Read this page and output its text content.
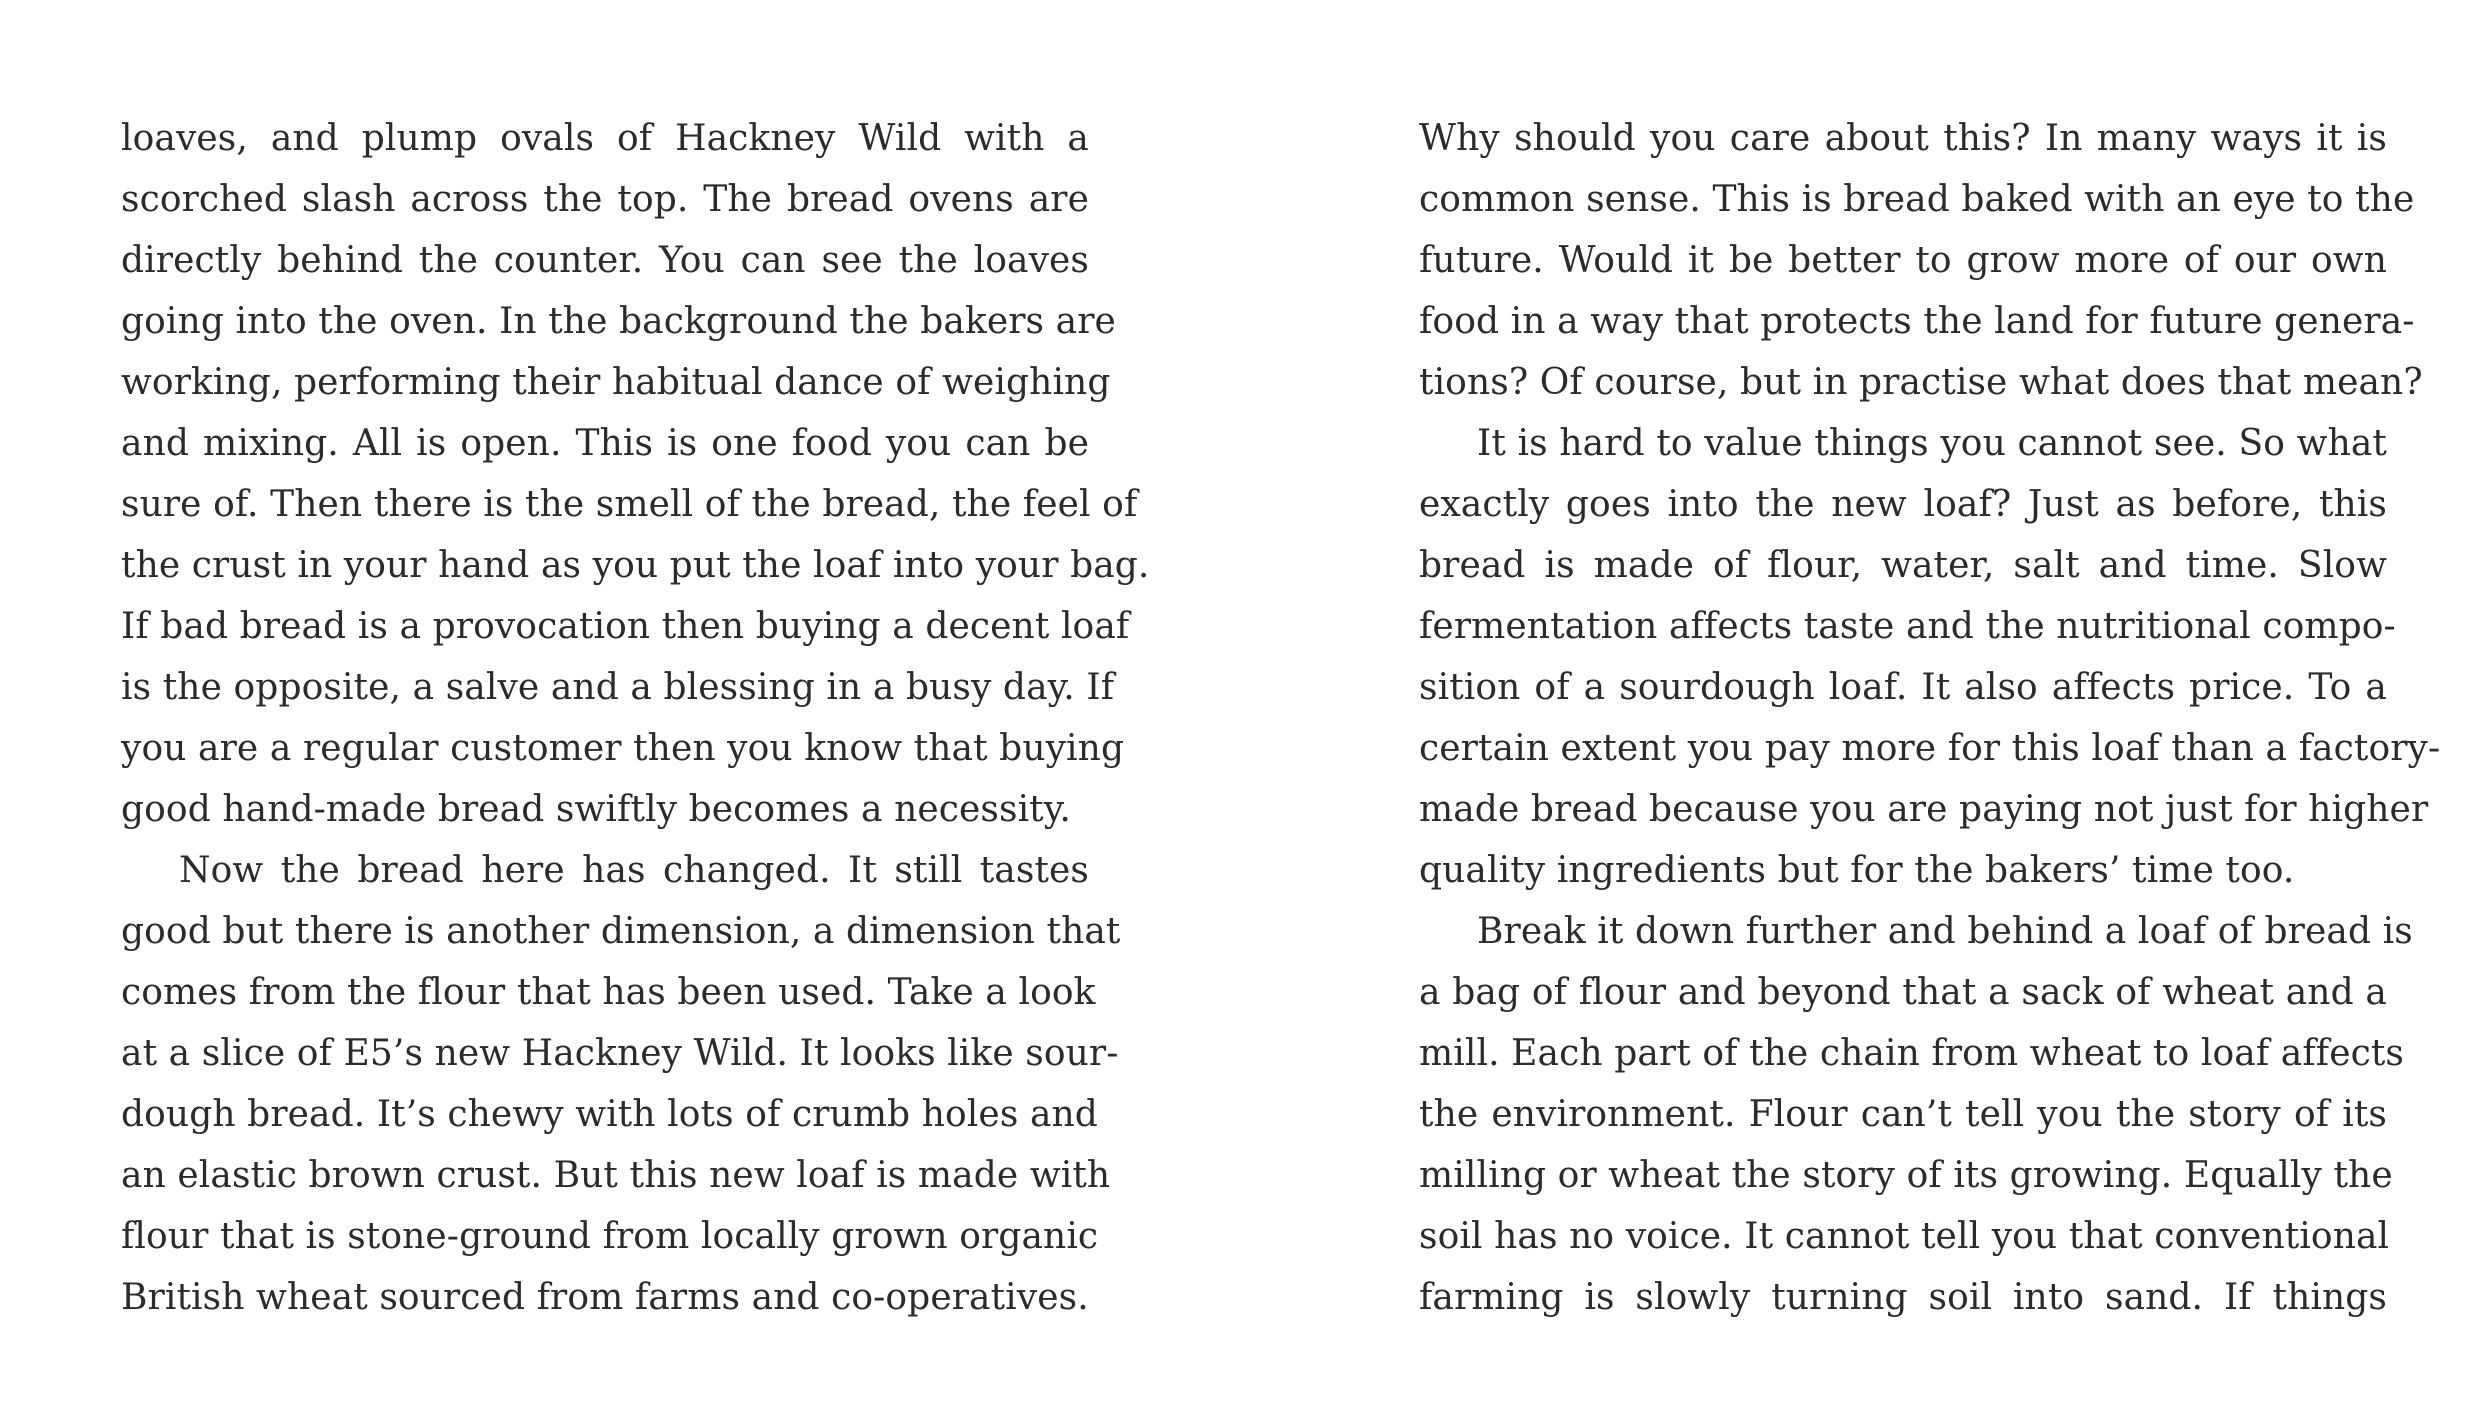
loaves, and plump ovals of Hackney Wild with a
scorched slash across the top. The bread ovens are
directly behind the counter. You can see the loaves
going into the oven. In the background the bakers are
working, performing their habitual dance of weighing
and mixing. All is open. This is one food you can be
sure of. Then there is the smell of the bread, the feel of
the crust in your hand as you put the loaf into your bag.
If bad bread is a provocation then buying a decent loaf
is the opposite, a salve and a blessing in a busy day. If
you are a regular customer then you know that buying
good hand-made bread swiftly becomes a necessity.
Now the bread here has changed. It still tastes
good but there is another dimension, a dimension that
comes from the flour that has been used. Take a look
at a slice of E5’s new Hackney Wild. It looks like sour-
dough bread. It’s chewy with lots of crumb holes and
an elastic brown crust. But this new loaf is made with
flour that is stone-ground from locally grown organic
British wheat sourced from farms and co-operatives.
Why should you care about this? In many ways it is
common sense. This is bread baked with an eye to the
future. Would it be better to grow more of our own
food in a way that protects the land for future genera-
tions? Of course, but in practise what does that mean?
It is hard to value things you cannot see. So what
exactly goes into the new loaf? Just as before, this
bread is made of flour, water, salt and time. Slow
fermentation affects taste and the nutritional compo-
sition of a sourdough loaf. It also affects price. To a
certain extent you pay more for this loaf than a factory-
made bread because you are paying not just for higher
quality ingredients but for the bakers’ time too.
Break it down further and behind a loaf of bread is
a bag of flour and beyond that a sack of wheat and a
mill. Each part of the chain from wheat to loaf affects
the environment. Flour can’t tell you the story of its
milling or wheat the story of its growing. Equally the
soil has no voice. It cannot tell you that conventional
farming is slowly turning soil into sand. If things
